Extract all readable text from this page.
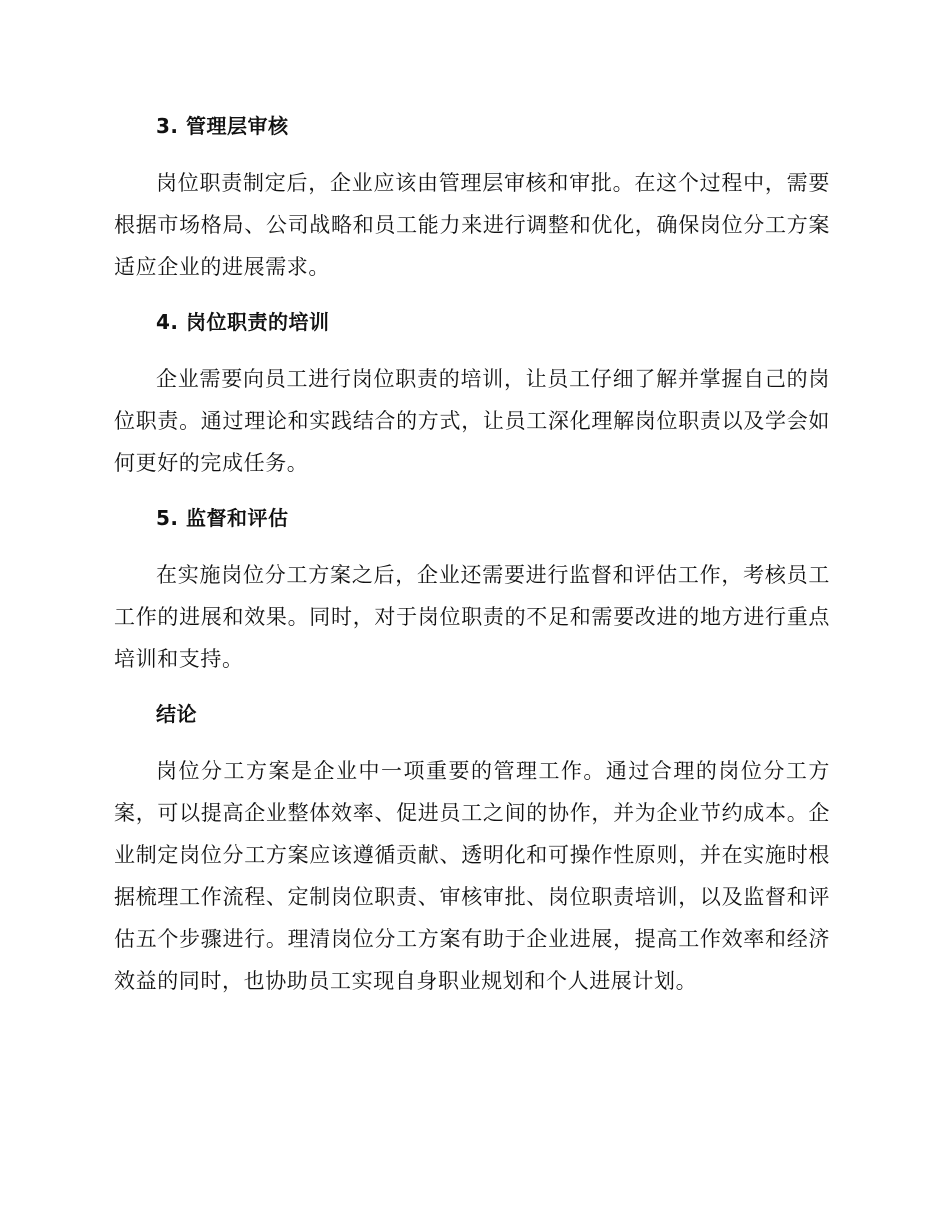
3. 管理层审核

岗位职责制定后，企业应该由管理层审核和审批。在这个过程中，需要根据市场格局、公司战略和员工能力来进行调整和优化，确保岗位分工方案适应企业的进展需求。

4. 岗位职责的培训

企业需要向员工进行岗位职责的培训，让员工仔细了解并掌握自己的岗位职责。通过理论和实践结合的方式，让员工深化理解岗位职责以及学会如何更好的完成任务。

5. 监督和评估

在实施岗位分工方案之后，企业还需要进行监督和评估工作，考核员工工作的进展和效果。同时，对于岗位职责的不足和需要改进的地方进行重点培训和支持。

结论

岗位分工方案是企业中一项重要的管理工作。通过合理的岗位分工方案，可以提高企业整体效率、促进员工之间的协作，并为企业节约成本。企业制定岗位分工方案应该遵循贡献、透明化和可操作性原则，并在实施时根据梳理工作流程、定制岗位职责、审核审批、岗位职责培训，以及监督和评估五个步骤进行。理清岗位分工方案有助于企业进展，提高工作效率和经济效益的同时，也协助员工实现自身职业规划和个人进展计划。
